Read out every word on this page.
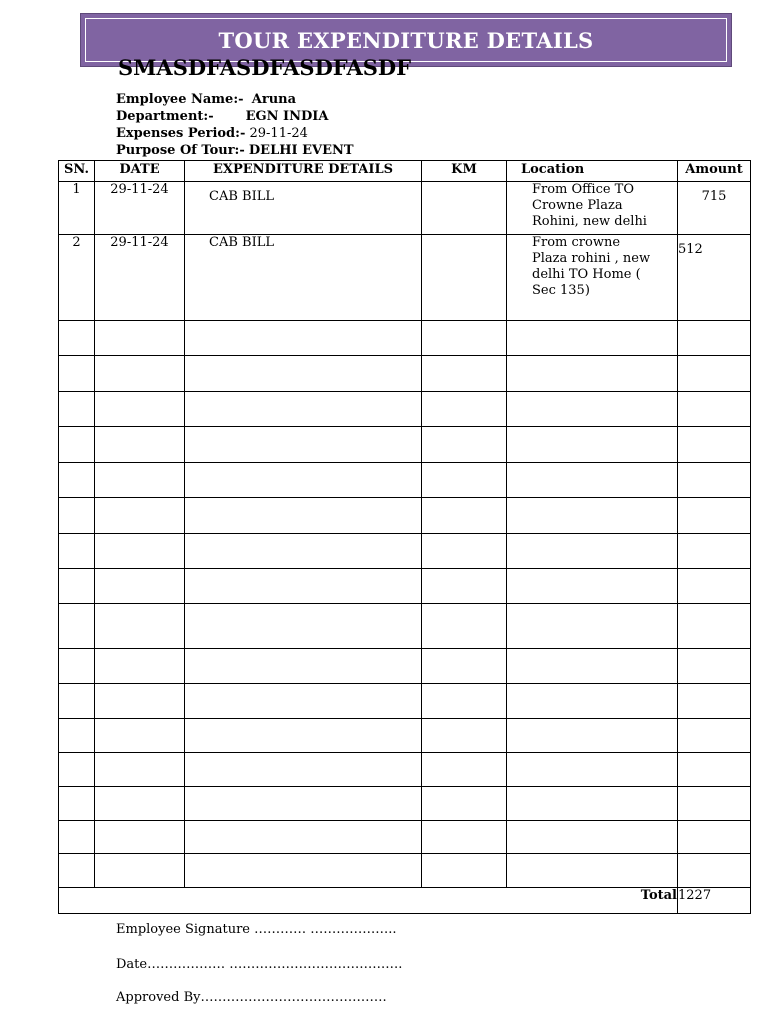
TOUR EXPENDITURE DETAILS
SMASDFASDFASDFASDF
Employee Name:- Aruna
Department:- EGN INDIA
Expenses Period:- 29-11-24
Purpose Of Tour:- DELHI EVENT
SN.	DATE	EXPENDITURE DETAILS	KM	Location	Amount
1	29-11-24	CAB BILL		From Office TO Crowne Plaza Rohini, new delhi	715
2	29-11-24	CAB BILL		From crowne Plaza rohini , new delhi TO Home ( Sec 135)	512

Total					1227
Employee Signature ………… ………………..
Date……………… ………………………………….
Approved By…………………………………….
